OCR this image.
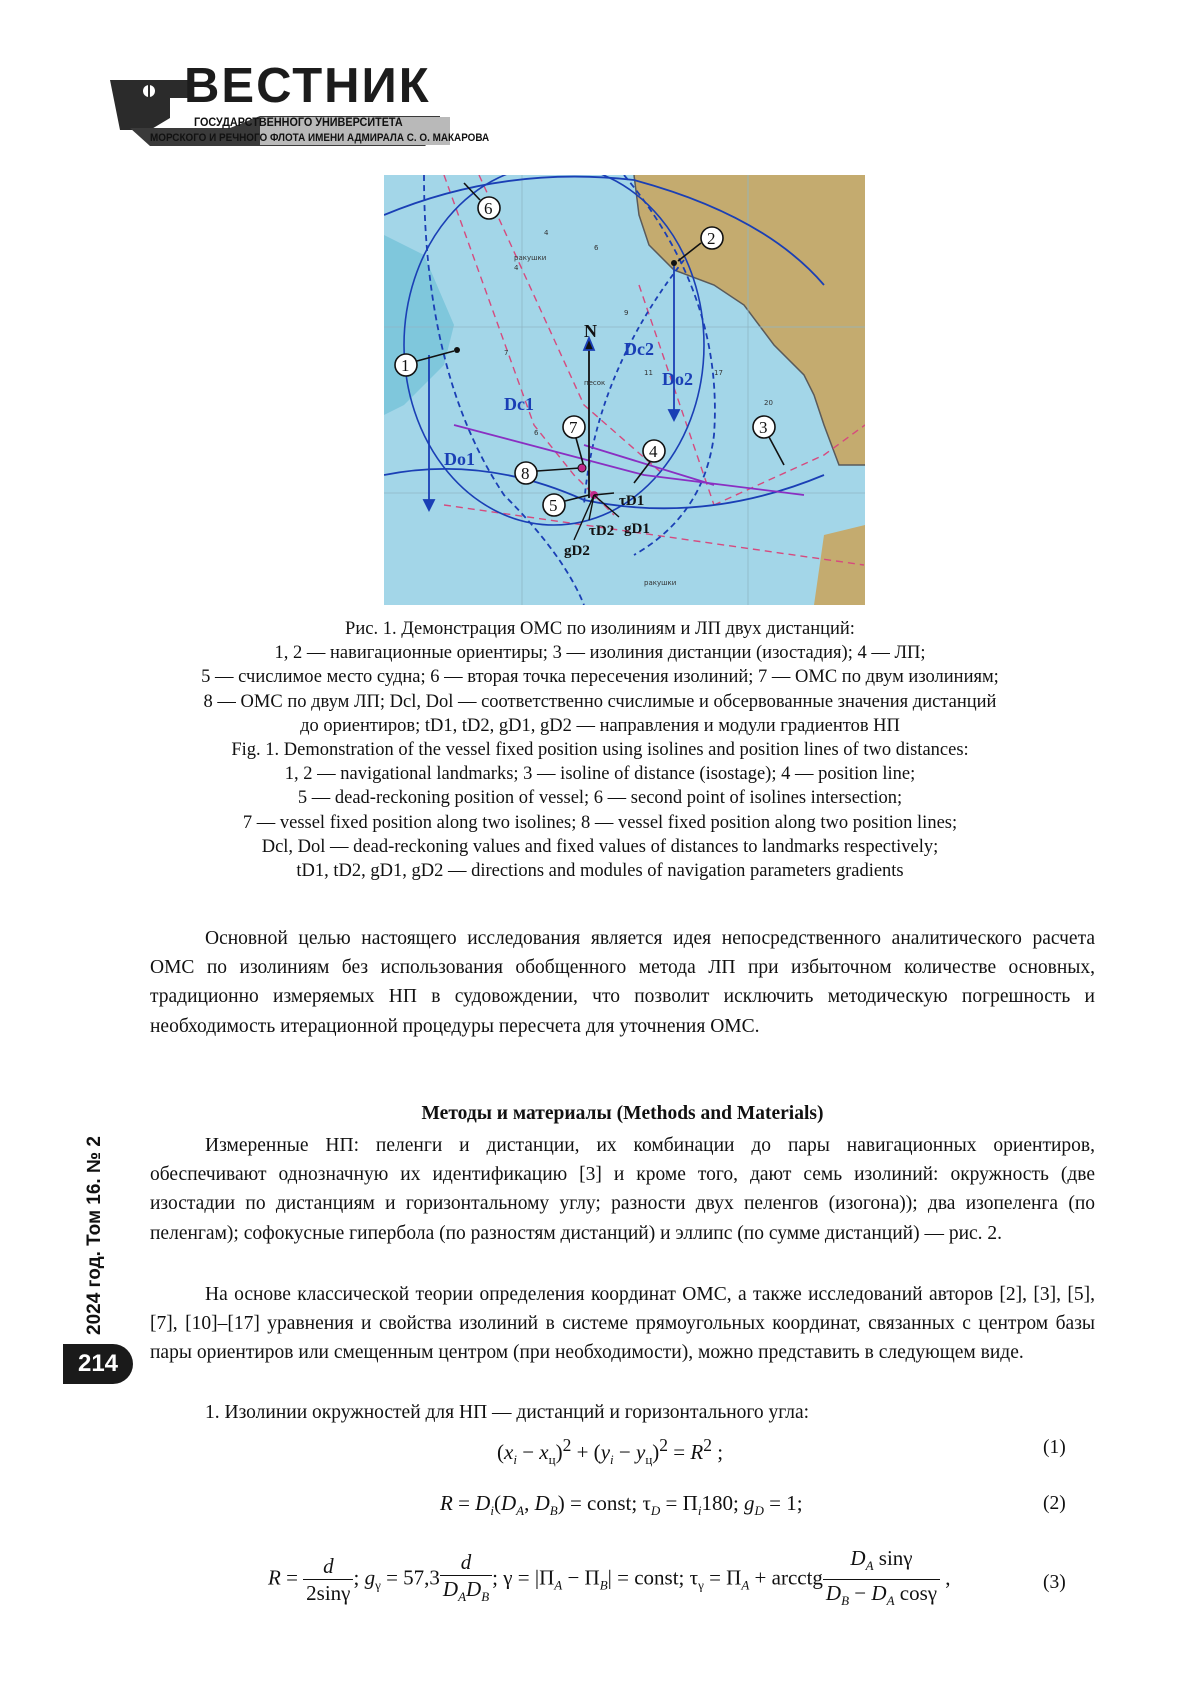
ВЕСТНИК
ГОСУДАРСТВЕННОГО УНИВЕРСИТЕТА
МОРСКОГО И РЕЧНОГО ФЛОТА ИМЕНИ АДМИРАЛА С. О. МАКАРОВА
4
4
6
7
9
17
20
11
6
песок
ракушки
ракушки
Dc1
Dc2
Do1
Do2
N
τD1
τD2 gD1
gD2
1
2
3
4
5
6
7
8
Рис. 1. Демонстрация ОМС по изолиниям и ЛП двух дистанций:
1, 2 — навигационные ориентиры; 3 — изолиния дистанции (изостадия); 4 — ЛП;
5 — счислимое место судна; 6 — вторая точка пересечения изолиний; 7 — ОМС по двум изолиниям;
8 — ОМС по двум ЛП; Dcl, Dol — соответственно счислимые и обсервованные значения дистанций
до ориентиров; tD1, tD2, gD1, gD2 — направления и модули градиентов НП
Fig. 1. Demonstration of the vessel fixed position using isolines and position lines of two distances:
1, 2 — navigational landmarks; 3 — isoline of distance (isostage); 4 — position line;
5 — dead-reckoning position of vessel; 6 — second point of isolines intersection;
7 — vessel fixed position along two isolines; 8 — vessel fixed position along two position lines;
Dcl, Dol — dead-reckoning values and fixed values of distances to landmarks respectively;
tD1, tD2, gD1, gD2 — directions and modules of navigation parameters gradients
Основной целью настоящего исследования является идея непосредственного аналитического расчета ОМС по изолиниям без использования обобщенного метода ЛП при избыточном количестве основных, традиционно измеряемых НП в судовождении, что позволит исключить методическую погрешность и необходимость итерационной процедуры пересчета для уточнения ОМС.
Методы и материалы (Methods and Materials)
Измеренные НП: пеленги и дистанции, их комбинации до пары навигационных ориентиров, обеспечивают однозначную их идентификацию [3] и кроме того, дают семь изолиний: окружность (две изостадии по дистанциям и горизонтальному углу; разности двух пеленгов (изогона)); два изопеленга (по пеленгам); софокусные гипербола (по разностям дистанций) и эллипс (по сумме дистанций) — рис. 2.
На основе классической теории определения координат ОМС, а также исследований авторов [2], [3], [5], [7], [10]–[17] уравнения и свойства изолиний в системе прямоугольных координат, связанных с центром базы пары ориентиров или смещенным центром (при необходимости), можно представить в следующем виде.
1. Изолинии окружностей для НП — дистанций и горизонтального угла:
$(x_i - x_ц)^2 + (y_i - y_ц)^2 = R^2$ ;	(1)
$R = D_i(D_A$, $D_B$) = const; $\tau_D = \Pi_i180$; $g_D = 1$;	(2)
$R = \frac{d}{2\sin\gamma}$ ; $g_\gamma = 57,3 \frac{d}{D_AD_B}$ ; $\gamma = |\Pi_A - \Pi_B|$ = const; $\tau_\gamma = \Pi_A$ + arcctg $\frac{D_A \sin\gamma}{D_B - D_A \cos\gamma}$ ,	(3)
2024 год. Том 16. № 2
214
